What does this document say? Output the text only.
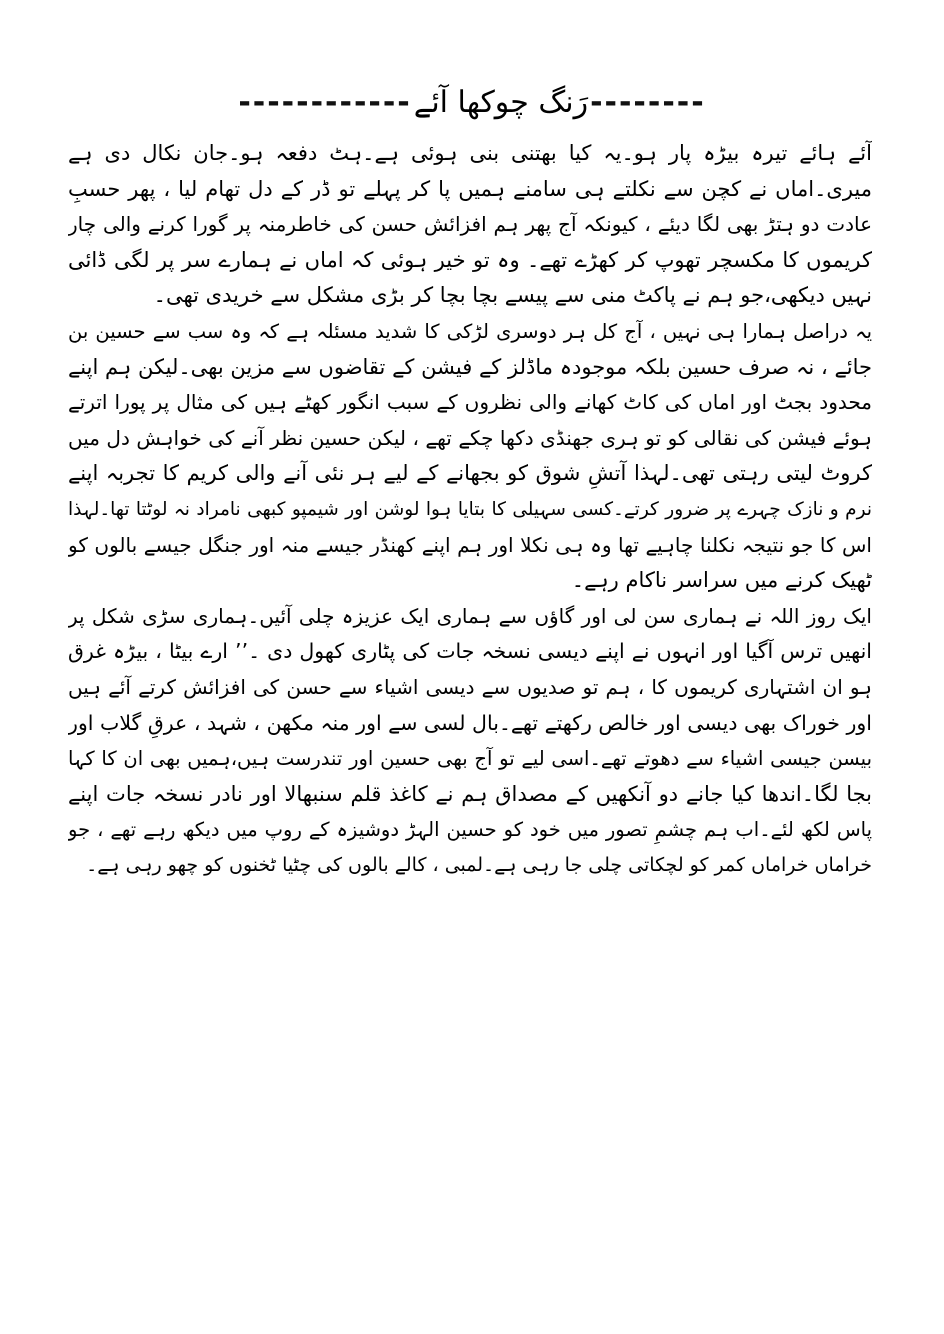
--------
رَنگ چوکھا آئے
------------
آئے ہائے تیرہ بیڑہ پار ہو۔یہ کیا بھتنی بنی ہوئی ہے۔ہٹ دفعہ ہو۔جان نکال دی ہے
میری۔اماں نے کچن سے نکلتے ہی سامنے ہمیں پا کر پہلے تو ڈر کے دل تھام لیا ، پھر حسبِ
عادت دو ہتڑ بھی لگا دیئے ، کیونکہ آج پھر ہم افزائش حسن کی خاطرمنہ پر گورا کرنے والی چار
کریموں کا مکسچر تھوپ کر کھڑے تھے۔ وہ تو خیر ہوئی کہ اماں نے ہمارے سر پر لگی ڈائی
نہیں دیکھی،جو ہم نے پاکٹ منی سے پیسے بچا بچا کر بڑی مشکل سے خریدی تھی۔
یہ دراصل ہمارا ہی نہیں ، آج کل ہر دوسری لڑکی کا شدید مسئلہ ہے کہ وہ سب سے حسین بن
جائے ، نہ صرف حسین بلکہ موجودہ ماڈلز کے فیشن کے تقاضوں سے مزین بھی۔لیکن ہم اپنے
محدود بجٹ اور اماں کی کاٹ کھانے والی نظروں کے سبب انگور کھٹے ہیں کی مثال پر پورا اترتے
ہوئے فیشن کی نقالی کو تو ہری جھنڈی دکھا چکے تھے ، لیکن حسین نظر آنے کی خواہش دل میں
کروٹ لیتی رہتی تھی۔لہذا آتشِ شوق کو بجھانے کے لیے ہر نئی آنے والی کریم کا تجربہ اپنے
نرم و نازک چہرے پر ضرور کرتے۔کسی سہیلی کا بتایا ہوا لوشن اور شیمپو کبھی نامراد نہ لوٹتا تھا۔لہذا
اس کا جو نتیجہ نکلنا چاہیے تھا وہ ہی نکلا اور ہم اپنے کھنڈر جیسے منہ اور جنگل جیسے بالوں کو
ٹھیک کرنے میں سراسر ناکام رہے۔
ایک روز اللہ نے ہماری سن لی اور گاؤں سے ہماری ایک عزیزہ چلی آئیں۔ہماری سڑی شکل پر
انھیں ترس آگیا اور انہوں نے اپنے دیسی نسخہ جات کی پٹاری کھول دی ۔’’ ارے بیٹا ، بیڑہ غرق
ہو ان اشتہاری کریموں کا ، ہم تو صدیوں سے دیسی اشیاء سے حسن کی افزائش کرتے آئے ہیں
اور خوراک بھی دیسی اور خالص رکھتے تھے۔بال لسی سے اور منہ مکھن ، شہد ، عرقِ گلاب اور
بیسن جیسی اشیاء سے دھوتے تھے۔اسی لیے تو آج بھی حسین اور تندرست ہیں،ہمیں بھی ان کا کہا
بجا لگا۔اندھا کیا جانے دو آنکھیں کے مصداق ہم نے کاغذ قلم سنبھالا اور نادر نسخہ جات اپنے
پاس لکھ لئے۔اب ہم چشمِ تصور میں خود کو حسین الہڑ دوشیزہ کے روپ میں دیکھ رہے تھے ، جو
خراماں خراماں کمر کو لچکاتی چلی جا رہی ہے۔لمبی ، کالے بالوں کی چٹیا ٹخنوں کو چھو رہی ہے۔
